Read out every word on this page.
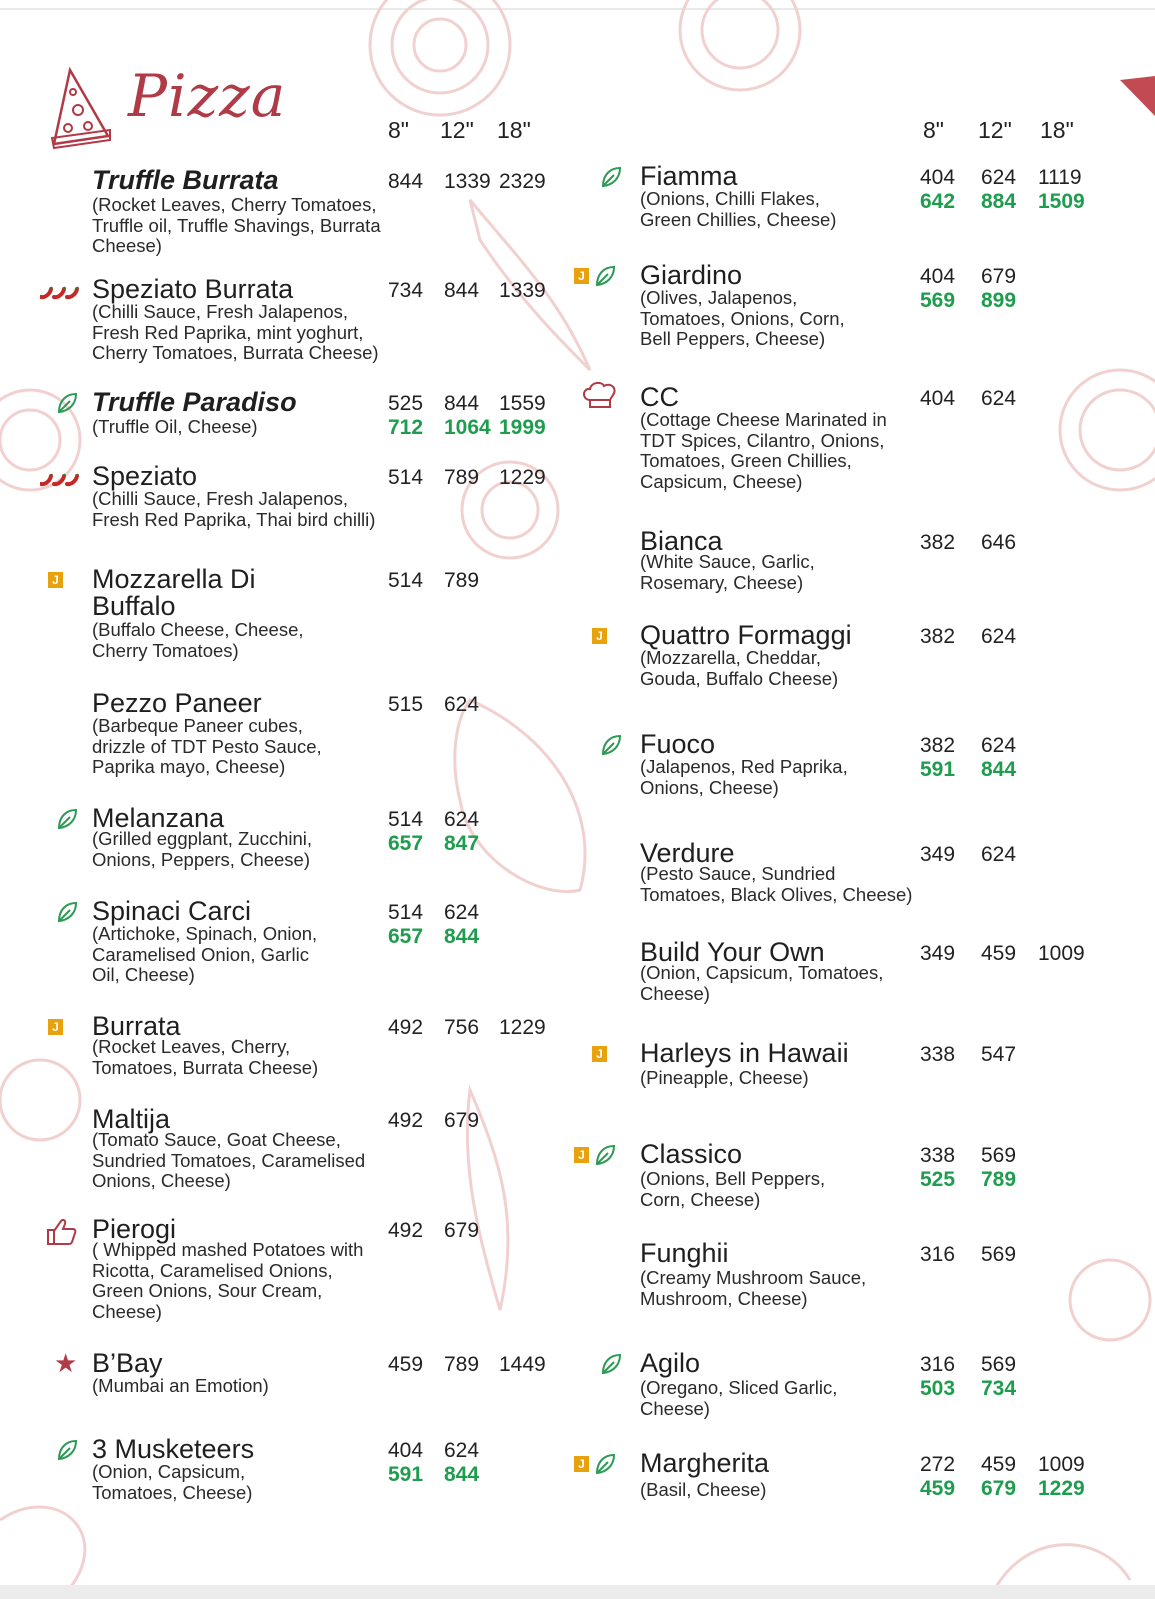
Pizza	8" 12" 18"	8" 12" 18"
Truffle Burrata
(Rocket Leaves, Cherry Tomatoes,
Truffle oil, Truffle Shavings, Burrata
Cheese)
844 1339 2329
Speziato Burrata
(Chilli Sauce, Fresh Jalapenos,
Fresh Red Paprika, mint yoghurt,
Cherry Tomatoes, Burrata Cheese)
734 844 1339
Truffle Paradiso
(Truffle Oil, Cheese)
525 844 1559
712 1064 1999
Speziato
(Chilli Sauce, Fresh Jalapenos,
Fresh Red Paprika, Thai bird chilli)
514 789 1229
Mozzarella Di
Buffalo
(Buffalo Cheese, Cheese,
Cherry Tomatoes)
514 789
J
Pezzo Paneer
(Barbeque Paneer cubes,
drizzle of TDT Pesto Sauce,
Paprika mayo, Cheese)
515 624
Melanzana
(Grilled eggplant, Zucchini,
Onions, Peppers, Cheese)
514 624
657 847
Spinaci Carci
(Artichoke, Spinach, Onion,
Caramelised Onion, Garlic
Oil, Cheese)
514 624
657 844
Burrata
(Rocket Leaves, Cherry,
Tomatoes, Burrata Cheese)
492 756 1229
J
Maltija
(Tomato Sauce, Goat Cheese,
Sundried Tomatoes, Caramelised
Onions, Cheese)
492 679
Pierogi
( Whipped mashed Potatoes with
Ricotta, Caramelised Onions,
Green Onions, Sour Cream,
Cheese)
492 679
B’Bay
(Mumbai an Emotion)
459 789 1449
★
3 Musketeers
(Onion, Capsicum,
Tomatoes, Cheese)
404 624
591 844
Fiamma
(Onions, Chilli Flakes,
Green Chillies, Cheese)
404 624 1119
642 884 1509
Giardino
(Olives, Jalapenos,
Tomatoes, Onions, Corn,
Bell Peppers, Cheese)
404 679
569 899
J
CC
(Cottage Cheese Marinated in
TDT Spices, Cilantro, Onions,
Tomatoes, Green Chillies,
Capsicum, Cheese)
404 624
Bianca
(White Sauce, Garlic,
Rosemary, Cheese)
382 646
Quattro Formaggi
(Mozzarella, Cheddar,
Gouda, Buffalo Cheese)
382 624
J
Fuoco
(Jalapenos, Red Paprika,
Onions, Cheese)
382 624
591 844
Verdure
(Pesto Sauce, Sundried
Tomatoes, Black Olives, Cheese)
349 624
Build Your Own
(Onion, Capsicum, Tomatoes,
Cheese)
349 459 1009
Harleys in Hawaii
(Pineapple, Cheese)
338 547
J
Classico
(Onions, Bell Peppers,
Corn, Cheese)
338 569
525 789
J
Funghii
(Creamy Mushroom Sauce,
Mushroom, Cheese)
316 569
Agilo
(Oregano, Sliced Garlic,
Cheese)
316 569
503 734
Margherita
(Basil, Cheese)
272 459 1009
459 679 1229
J
